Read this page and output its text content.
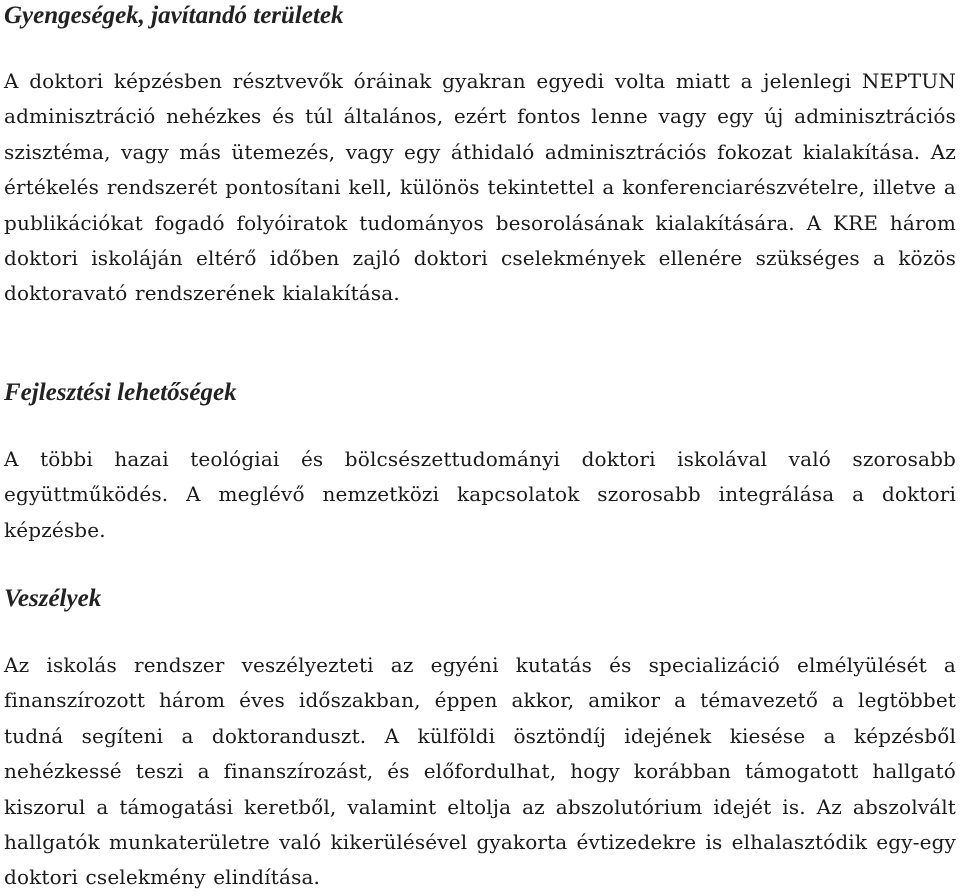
Gyengeségek, javítandó területek

A doktori képzésben résztvevők óráinak gyakran egyedi volta miatt a jelenlegi NEPTUN adminisztráció nehézkes és túl általános, ezért fontos lenne vagy egy új adminisztrációs szisztéma, vagy más ütemezés, vagy egy áthidaló adminisztrációs fokozat kialakítása. Az értékelés rendszerét pontosítani kell, különös tekintettel a konferenciarészvételre, illetve a publikációkat fogadó folyóiratok tudományos besorolásának kialakítására. A KRE három doktori iskoláján eltérő időben zajló doktori cselekmények ellenére szükséges a közös doktoravató rendszerének kialakítása.

Fejlesztési lehetőségek

A többi hazai teológiai és bölcsészettudományi doktori iskolával való szorosabb együttműködés. A meglévő nemzetközi kapcsolatok szorosabb integrálása a doktori képzésbe.

Veszélyek

Az iskolás rendszer veszélyezteti az egyéni kutatás és specializáció elmélyülését a finanszírozott három éves időszakban, éppen akkor, amikor a témavezető a legtöbbet tudná segíteni a doktoranduszt. A külföldi ösztöndíj idejének kiesése a képzésből nehézkessé teszi a finanszírozást, és előfordulhat, hogy korábban támogatott hallgató kiszorul a támogatási keretből, valamint eltolja az abszolutórium idejét is. Az abszolvált hallgatók munkaterületre való kikerülésével gyakorta évtizedekre is elhalasztódik egy-egy doktori cselekmény elindítása.
